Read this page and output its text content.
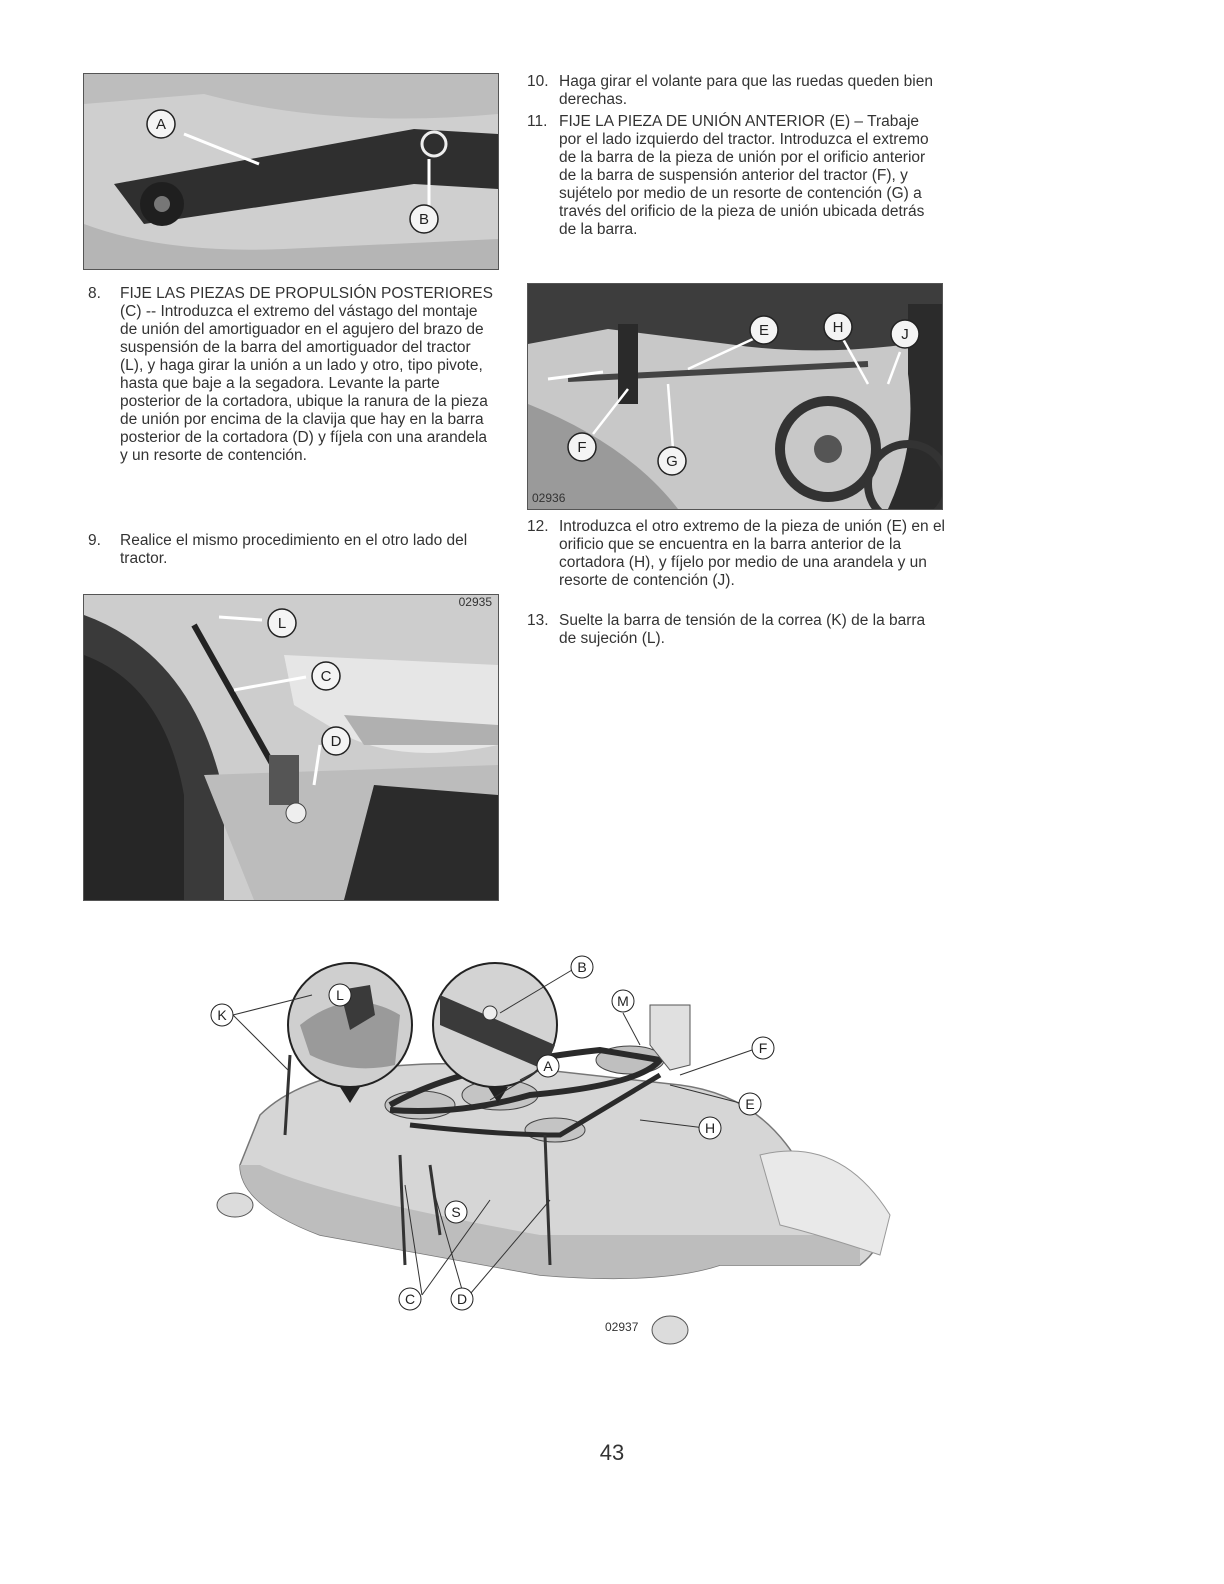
A
B
8. FIJE LAS PIEZAS DE PROPULSIÓN POSTERIORES (C) -- Introduzca el extremo del vástago del montaje de unión del amortiguador en el agujero del brazo de suspensión de la barra del amortiguador del tractor (L), y haga girar la unión a un lado y otro, tipo pivote, hasta que baje a la segadora. Levante la parte posterior de la cortadora, ubique la ranura de la pieza de unión por encima de la clavija que hay en la barra posterior de la cortadora (D) y fíjela con una arandela y un resorte de contención.
9. Realice el mismo procedimiento en el otro lado del tractor.
02935
L
C
D
10. Haga girar el volante para que las ruedas queden bien derechas.
11. FIJE LA PIEZA DE UNIÓN ANTERIOR (E) – Trabaje por el lado izquierdo del tractor. Introduzca el extremo de la barra de la pieza de unión por el orificio anterior de la barra de suspensión anterior del tractor (F), y sujételo por medio de un resorte de contención (G) a través del orificio de la pieza de unión ubicada detrás de la barra.
02936
E	H	J
F
G
12. Introduzca el otro extremo de la pieza de unión (E) en el orificio que se encuentra en la barra anterior de la cortadora (H), y fíjelo por medio de una arandela y un resorte de contención (J).
13. Suelte la barra de tensión de la correa (K) de la barra de sujeción (L).
K
L
B
M
F
A
E
H
S
C	D
02937
43
